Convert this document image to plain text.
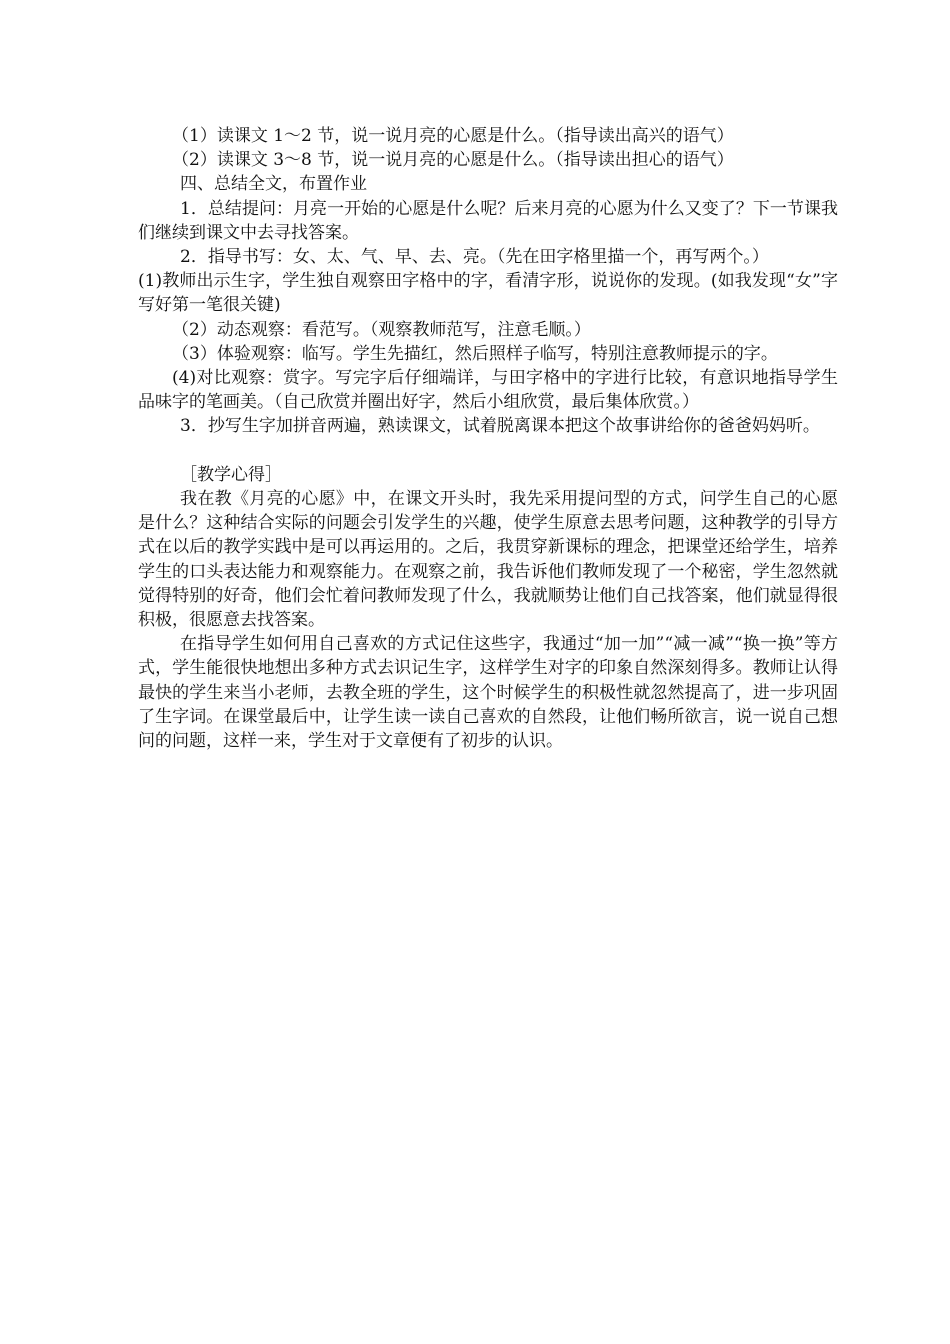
（1）读课文 1～2 节，说一说月亮的心愿是什么。（指导读出高兴的语气）

（2）读课文 3～8 节，说一说月亮的心愿是什么。（指导读出担心的语气）

四、总结全文，布置作业

1．总结提问：月亮一开始的心愿是什么呢？后来月亮的心愿为什么又变了？下一节课我们继续到课文中去寻找答案。

2．指导书写：女、太、气、早、去、亮。（先在田字格里描一个，再写两个。）

(1)教师出示生字，学生独自观察田字格中的字，看清字形，说说你的发现。(如我发现“女”字写好第一笔很关键)

（2）动态观察：看范写。（观察教师范写，注意毛顺。）

（3）体验观察：临写。学生先描红，然后照样子临写，特别注意教师提示的字。

(4)对比观察：赏字。写完字后仔细端详，与田字格中的字进行比较，有意识地指导学生品味字的笔画美。（自己欣赏并圈出好字，然后小组欣赏，最后集体欣赏。）

3．抄写生字加拼音两遍，熟读课文，试着脱离课本把这个故事讲给你的爸爸妈妈听。

［教学心得］

我在教《月亮的心愿》中，在课文开头时，我先采用提问型的方式，问学生自己的心愿是什么？这种结合实际的问题会引发学生的兴趣，使学生原意去思考问题，这种教学的引导方式在以后的教学实践中是可以再运用的。之后，我贯穿新课标的理念，把课堂还给学生，培养学生的口头表达能力和观察能力。在观察之前，我告诉他们教师发现了一个秘密，学生忽然就觉得特别的好奇，他们会忙着问教师发现了什么，我就顺势让他们自己找答案，他们就显得很积极，很愿意去找答案。

在指导学生如何用自己喜欢的方式记住这些字，我通过“加一加”“减一减”“换一换”等方式，学生能很快地想出多种方式去识记生字，这样学生对字的印象自然深刻得多。教师让认得最快的学生来当小老师，去教全班的学生，这个时候学生的积极性就忽然提高了，进一步巩固了生字词。在课堂最后中，让学生读一读自己喜欢的自然段，让他们畅所欲言，说一说自己想问的问题，这样一来，学生对于文章便有了初步的认识。
